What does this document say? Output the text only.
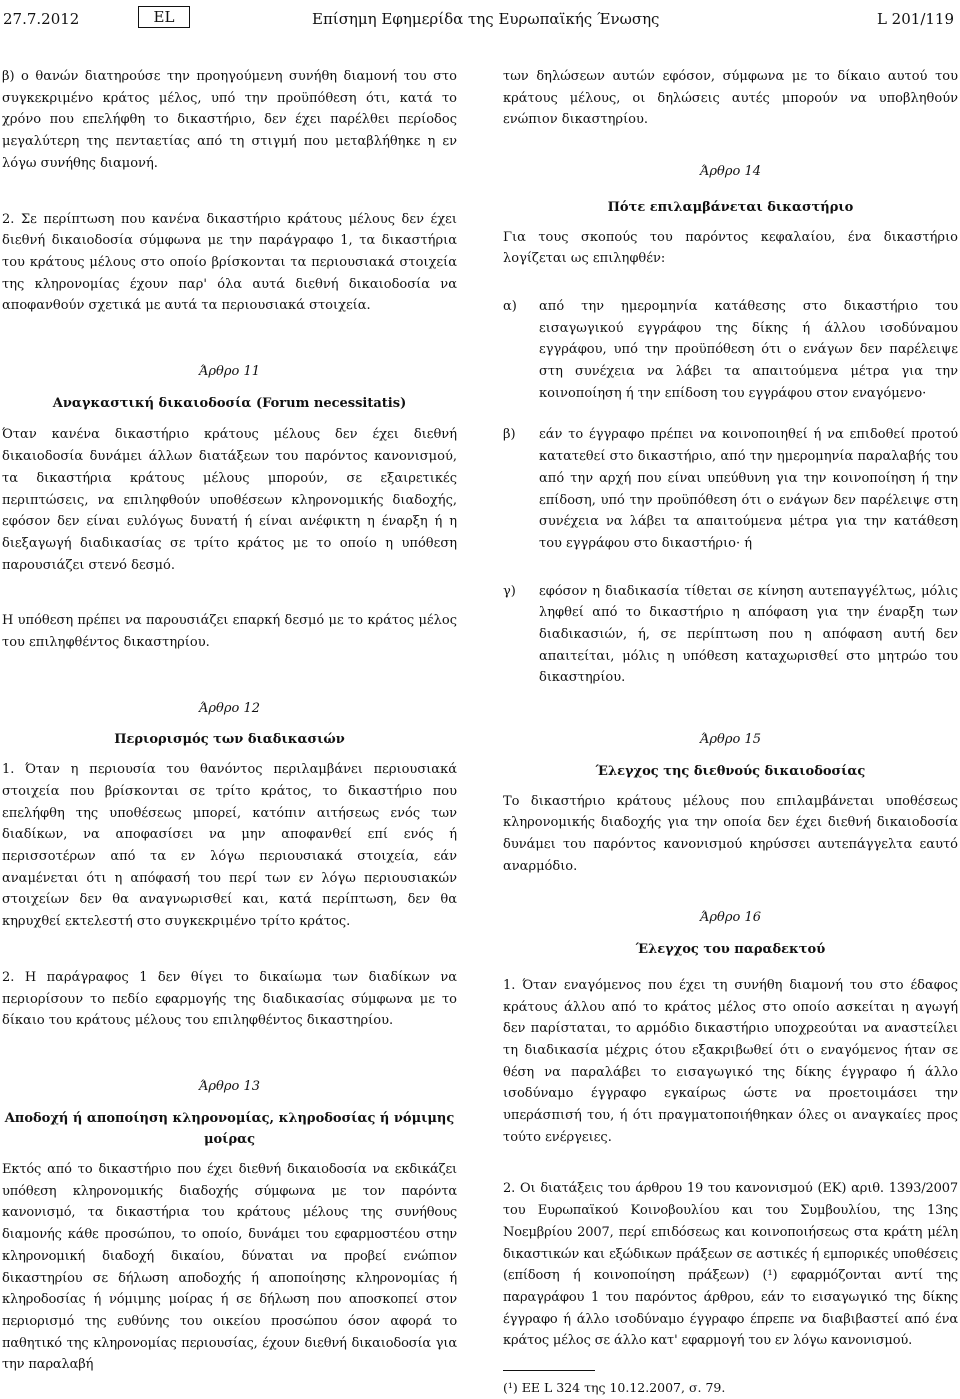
27.7.2012	EL	Επίσημη Εφημερίδα της Ευρωπαϊκής Ένωσης	L 201/119

β) ο θανών διατηρούσε την προηγούμενη συνήθη διαμονή του στο συγκεκριμένο κράτος μέλος, υπό την προϋπόθεση ότι, κατά το χρόνο που επελήφθη το δικαστήριο, δεν έχει παρέλθει περίοδος μεγαλύτερη της πενταετίας από τη στιγμή που μεταβλήθηκε η εν λόγω συνήθης διαμονή.

2. Σε περίπτωση που κανένα δικαστήριο κράτους μέλους δεν έχει διεθνή δικαιοδοσία σύμφωνα με την παράγραφο 1, τα δικαστήρια του κράτους μέλους στο οποίο βρίσκονται τα περιουσιακά στοιχεία της κληρονομίας έχουν παρ' όλα αυτά διεθνή δικαιοδοσία να αποφανθούν σχετικά με αυτά τα περιουσιακά στοιχεία.

Άρθρο 11

Αναγκαστική δικαιοδοσία (Forum necessitatis)

Όταν κανένα δικαστήριο κράτους μέλους δεν έχει διεθνή δικαιοδοσία δυνάμει άλλων διατάξεων του παρόντος κανονισμού, τα δικαστήρια κράτους μέλους μπορούν, σε εξαιρετικές περιπτώσεις, να επιληφθούν υποθέσεων κληρονομικής διαδοχής, εφόσον δεν είναι ευλόγως δυνατή ή είναι ανέφικτη η έναρξη ή η διεξαγωγή διαδικασίας σε τρίτο κράτος με το οποίο η υπόθεση παρουσιάζει στενό δεσμό.

Η υπόθεση πρέπει να παρουσιάζει επαρκή δεσμό με το κράτος μέλος του επιληφθέντος δικαστηρίου.

Άρθρο 12

Περιορισμός των διαδικασιών

1. Όταν η περιουσία του θανόντος περιλαμβάνει περιουσιακά στοιχεία που βρίσκονται σε τρίτο κράτος, το δικαστήριο που επελήφθη της υποθέσεως μπορεί, κατόπιν αιτήσεως ενός των διαδίκων, να αποφασίσει να μην αποφανθεί επί ενός ή περισσοτέρων από τα εν λόγω περιουσιακά στοιχεία, εάν αναμένεται ότι η απόφασή του περί των εν λόγω περιουσιακών στοιχείων δεν θα αναγνωρισθεί και, κατά περίπτωση, δεν θα κηρυχθεί εκτελεστή στο συγκεκριμένο τρίτο κράτος.

2. Η παράγραφος 1 δεν θίγει το δικαίωμα των διαδίκων να περιορίσουν το πεδίο εφαρμογής της διαδικασίας σύμφωνα με το δίκαιο του κράτους μέλους του επιληφθέντος δικαστηρίου.

Άρθρο 13

Αποδοχή ή αποποίηση κληρονομίας, κληροδοσίας ή νόμιμης μοίρας

Εκτός από το δικαστήριο που έχει διεθνή δικαιοδοσία να εκδικάζει υπόθεση κληρονομικής διαδοχής σύμφωνα με τον παρόντα κανονισμό, τα δικαστήρια του κράτους μέλους της συνήθους διαμονής κάθε προσώπου, το οποίο, δυνάμει του εφαρμοστέου στην κληρονομική διαδοχή δικαίου, δύναται να προβεί ενώπιον δικαστηρίου σε δήλωση αποδοχής ή αποποίησης κληρονομίας ή κληροδοσίας ή νόμιμης μοίρας ή σε δήλωση που αποσκοπεί στον περιορισμό της ευθύνης του οικείου προσώπου όσον αφορά το παθητικό της κληρονομίας περιουσίας, έχουν διεθνή δικαιοδοσία για την παραλαβή

των δηλώσεων αυτών εφόσον, σύμφωνα με το δίκαιο αυτού του κράτους μέλους, οι δηλώσεις αυτές μπορούν να υποβληθούν ενώπιον δικαστηρίου.

Άρθρο 14

Πότε επιλαμβάνεται δικαστήριο

Για τους σκοπούς του παρόντος κεφαλαίου, ένα δικαστήριο λογίζεται ως επιληφθέν:

α)	από την ημερομηνία κατάθεσης στο δικαστήριο του εισαγωγικού εγγράφου της δίκης ή άλλου ισοδύναμου εγγράφου, υπό την προϋπόθεση ότι ο ενάγων δεν παρέλειψε στη συνέχεια να λάβει τα απαιτούμενα μέτρα για την κοινοποίηση ή την επίδοση του εγγράφου στον εναγόμενο·
β)	εάν το έγγραφο πρέπει να κοινοποιηθεί ή να επιδοθεί προτού κατατεθεί στο δικαστήριο, από την ημερομηνία παραλαβής του από την αρχή που είναι υπεύθυνη για την κοινοποίηση ή την επίδοση, υπό την προϋπόθεση ότι ο ενάγων δεν παρέλειψε στη συνέχεια να λάβει τα απαιτούμενα μέτρα για την κατάθεση του εγγράφου στο δικαστήριο· ή
γ)	εφόσον η διαδικασία τίθεται σε κίνηση αυτεπαγγέλτως, μόλις ληφθεί από το δικαστήριο η απόφαση για την έναρξη των διαδικασιών, ή, σε περίπτωση που η απόφαση αυτή δεν απαιτείται, μόλις η υπόθεση καταχωρισθεί στο μητρώο του δικαστηρίου.

Άρθρο 15

Έλεγχος της διεθνούς δικαιοδοσίας

Το δικαστήριο κράτους μέλους που επιλαμβάνεται υποθέσεως κληρονομικής διαδοχής για την οποία δεν έχει διεθνή δικαιοδοσία δυνάμει του παρόντος κανονισμού κηρύσσει αυτεπάγγελτα εαυτό αναρμόδιο.

Άρθρο 16

Έλεγχος του παραδεκτού

1. Όταν εναγόμενος που έχει τη συνήθη διαμονή του στο έδαφος κράτους άλλου από το κράτος μέλος στο οποίο ασκείται η αγωγή δεν παρίσταται, το αρμόδιο δικαστήριο υποχρεούται να αναστείλει τη διαδικασία μέχρις ότου εξακριβωθεί ότι ο εναγόμενος ήταν σε θέση να παραλάβει το εισαγωγικό της δίκης έγγραφο ή άλλο ισοδύναμο έγγραφο εγκαίρως ώστε να προετοιμάσει την υπεράσπισή του, ή ότι πραγματοποιήθηκαν όλες οι αναγκαίες προς τούτο ενέργειες.

2. Οι διατάξεις του άρθρου 19 του κανονισμού (ΕΚ) αριθ. 1393/2007 του Ευρωπαϊκού Κοινοβουλίου και του Συμβουλίου, της 13ης Νοεμβρίου 2007, περί επιδόσεως και κοινοποιήσεως στα κράτη μέλη δικαστικών και εξώδικων πράξεων σε αστικές ή εμπορικές υποθέσεις (επίδοση ή κοινοποίηση πράξεων) (¹) εφαρμόζονται αντί της παραγράφου 1 του παρόντος άρθρου, εάν το εισαγωγικό της δίκης έγγραφο ή άλλο ισοδύναμο έγγραφο έπρεπε να διαβιβαστεί από ένα κράτος μέλος σε άλλο κατ' εφαρμογή του εν λόγω κανονισμού.

(¹) ΕΕ L 324 της 10.12.2007, σ. 79.
